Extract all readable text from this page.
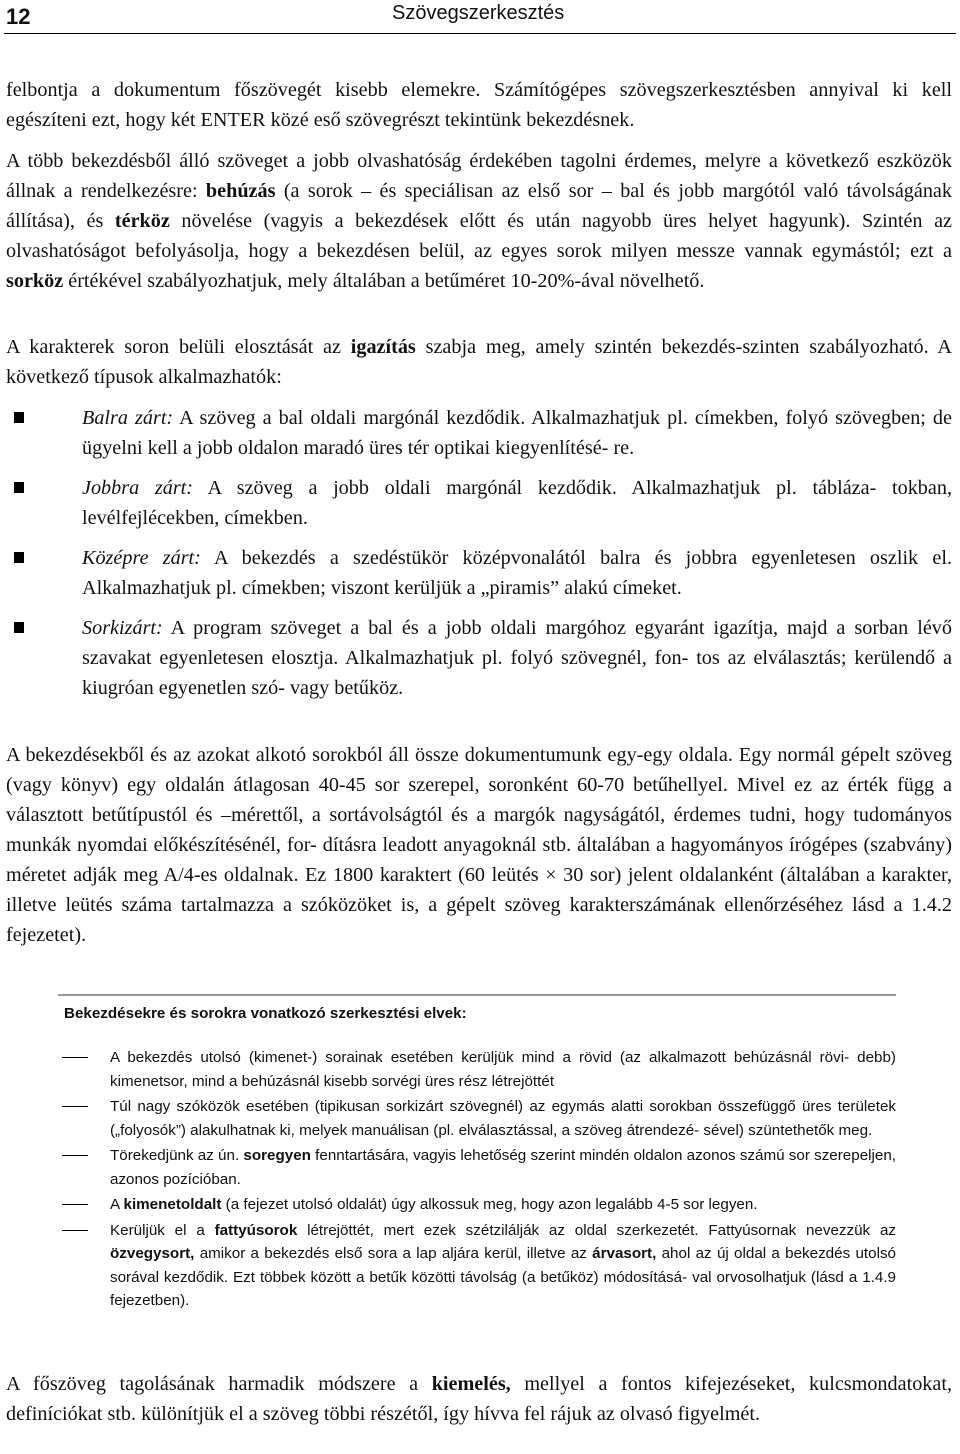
12	Szövegszerkesztés

felbontja a dokumentum főszövegét kisebb elemekre. Számítógépes szövegszerkesztésben annyival ki kell egészíteni ezt, hogy két ENTER közé eső szövegrészt tekintünk bekezdésnek.

A több bekezdésből álló szöveget a jobb olvashatóság érdekében tagolni érdemes, melyre a következő eszközök állnak a rendelkezésre: behúzás (a sorok – és speciálisan az első sor – bal és jobb margótól való távolságának állítása), és térköz növelése (vagyis a bekezdések előtt és után nagyobb üres helyet hagyunk). Szintén az olvashatóságot befolyásolja, hogy a bekezdésen belül, az egyes sorok milyen messze vannak egymástól; ezt a sorköz értékével szabályozhatjuk, mely általában a betűméret 10-20%-ával növelhető.

A karakterek soron belüli elosztását az igazítás szabja meg, amely szintén bekezdés-szinten szabályozható. A következő típusok alkalmazhatók:

Balra zárt: A szöveg a bal oldali margónál kezdődik. Alkalmazhatjuk pl. címekben, folyó szövegben; de ügyelni kell a jobb oldalon maradó üres tér optikai kiegyenlítésé- re.

Jobbra zárt: A szöveg a jobb oldali margónál kezdődik. Alkalmazhatjuk pl. tábláza- tokban, levélfejlécekben, címekben.

Középre zárt: A bekezdés a szedéstükör középvonalától balra és jobbra egyenletesen oszlik el. Alkalmazhatjuk pl. címekben; viszont kerüljük a „piramis” alakú címeket.

Sorkizárt: A program szöveget a bal és a jobb oldali margóhoz egyaránt igazítja, majd a sorban lévő szavakat egyenletesen elosztja. Alkalmazhatjuk pl. folyó szövegnél, fon- tos az elválasztás; kerülendő a kiugróan egyenetlen szó- vagy betűköz.

A bekezdésekből és az azokat alkotó sorokból áll össze dokumentumunk egy-egy oldala. Egy normál gépelt szöveg (vagy könyv) egy oldalán átlagosan 40-45 sor szerepel, soronként 60-70 betűhellyel. Mivel ez az érték függ a választott betűtípustól és –mérettől, a sortávolságtól és a margók nagyságától, érdemes tudni, hogy tudományos munkák nyomdai előkészítésénél, for- dításra leadott anyagoknál stb. általában a hagyományos írógépes (szabvány) méretet adják meg A/4-es oldalnak. Ez 1800 karaktert (60 leütés × 30 sor) jelent oldalanként (általában a karakter, illetve leütés száma tartalmazza a szóközöket is, a gépelt szöveg karakterszámának ellenőrzéséhez lásd a 1.4.2 fejezetet).

Bekezdésekre és sorokra vonatkozó szerkesztési elvek:

A bekezdés utolsó (kimenet-) sorainak esetében kerüljük mind a rövid (az alkalmazott behúzásnál rövi- debb) kimenetsor, mind a behúzásnál kisebb sorvégi üres rész létrejöttét

Túl nagy szóközök esetében (tipikusan sorkizárt szövegnél) az egymás alatti sorokban összefüggő üres területek („folyosók”) alakulhatnak ki, melyek manuálisan (pl. elválasztással, a szöveg átrendezé- sével) szüntethetők meg.

Törekedjünk az ún. soregyen fenntartására, vagyis lehetőség szerint mindén oldalon azonos számú sor szerepeljen, azonos pozícióban.

A kimenetoldalt (a fejezet utolsó oldalát) úgy alkossuk meg, hogy azon legalább 4-5 sor legyen.

Kerüljük el a fattyúsorok létrejöttét, mert ezek szétzilálják az oldal szerkezetét. Fattyúsornak nevezzük az özvegysort, amikor a bekezdés első sora a lap aljára kerül, illetve az árvasort, ahol az új oldal a bekezdés utolsó sorával kezdődik. Ezt többek között a betűk közötti távolság (a betűköz) módosításá- val orvosolhatjuk (lásd a 1.4.9 fejezetben).

A főszöveg tagolásának harmadik módszere a kiemelés, mellyel a fontos kifejezéseket, kulcsmondatokat, definíciókat stb. különítjük el a szöveg többi részétől, így hívva fel rájuk az olvasó figyelmét.
